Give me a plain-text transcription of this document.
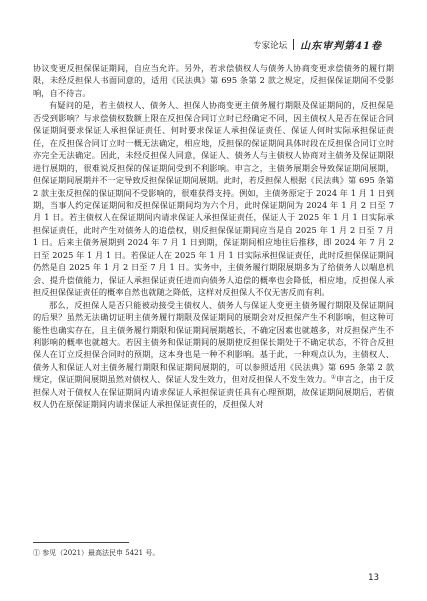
专家论坛 山东审判第41卷

协议变更反担保保证期间，自应当允许。另外，若求偿债权人与债务人协商变更求偿债务的履行期限，未经反担保人书面同意的，适用《民法典》第 695 条第 2 款之规定，反担保保证期间不受影响，自不待言。

有疑问的是，若主债权人、债务人、担保人协商变更主债务履行期限及保证期间的，反担保是否受到影响？与求偿债权数额上限在反担保合同订立时已经确定不同，因主债权人是否在保证合同保证期间要求保证人承担保证责任、何时要求保证人承担保证责任、保证人何时实际承担保证责任，在反担保合同订立时一概无法确定，相应地，反担保的保证期间具体时段在反担保合同订立时亦完全无法确定。因此，未经反担保人同意，保证人、债务人与主债权人协商对主债务及保证期限进行展期的，很难说反担保的保证期间受到不利影响。申言之，主债务展期会导致保证期间展期，但保证期间展期并不一定导致反担保保证期间展期。此时，若反担保人根据《民法典》第 695 条第 2 款主张反担保的保证期间不受影响的，很难获得支持。例如，主债务原定于 2024 年 1 月 1 日到期，当事人约定保证期间和反担保保证期间均为六个月，此时保证期间为 2024 年 1 月 2 日至 7 月 1 日。若主债权人在保证期间内请求保证人承担保证责任，保证人于 2025 年 1 月 1 日实际承担保证责任，此时产生对债务人的追偿权，则反担保保证期间应当是自 2025 年 1 月 2 日至 7 月 1 日。后来主债务展期到 2024 年 7 月 1 日到期，保证期间相应地往后推移，即 2024 年 7 月 2 日至 2025 年 1 月 1 日。若保证人在 2025 年 1 月 1 日实际承担保证责任，此时反担保保证期间仍然是自 2025 年 1 月 2 日至 7 月 1 日。实务中，主债务履行期限展期多为了给债务人以喘息机会、提升偿债能力，保证人承担保证责任进而向债务人追偿的概率也会降低，相应地，反担保人承担反担保保证责任的概率自然也就随之降低，这样对反担保人不仅无害反而有利。

那么，反担保人是否只能被动接受主债权人、债务人与保证人变更主债务履行期限及保证期间的后果？虽然无法确切证明主债务履行期限及保证期间的展期会对反担保产生不利影响，但这种可能性也确实存在，且主债务履行期限和保证期间展期越长，不确定因素也就越多，对反担保产生不利影响的概率也就越大。若因主债务和保证期间的展期使反担保长期处于不确定状态，不符合反担保人在订立反担保合同时的预期，这本身也是一种不利影响。基于此，一种观点认为，主债权人、债务人和保证人对主债务履行期限和保证期间展期的，可以参照适用《民法典》第 695 条第 2 款规定，保证期间展期虽然对债权人、保证人发生效力，但对反担保人不发生效力。①申言之，由于反担保人对于债权人在保证期间内请求保证人承担保证责任具有心理预期，故保证期间展期后，若债权人仍在原保证期间内请求保证人承担保证责任的，反担保人对

① 参见（2021）最高法民申 5421 号。
13
